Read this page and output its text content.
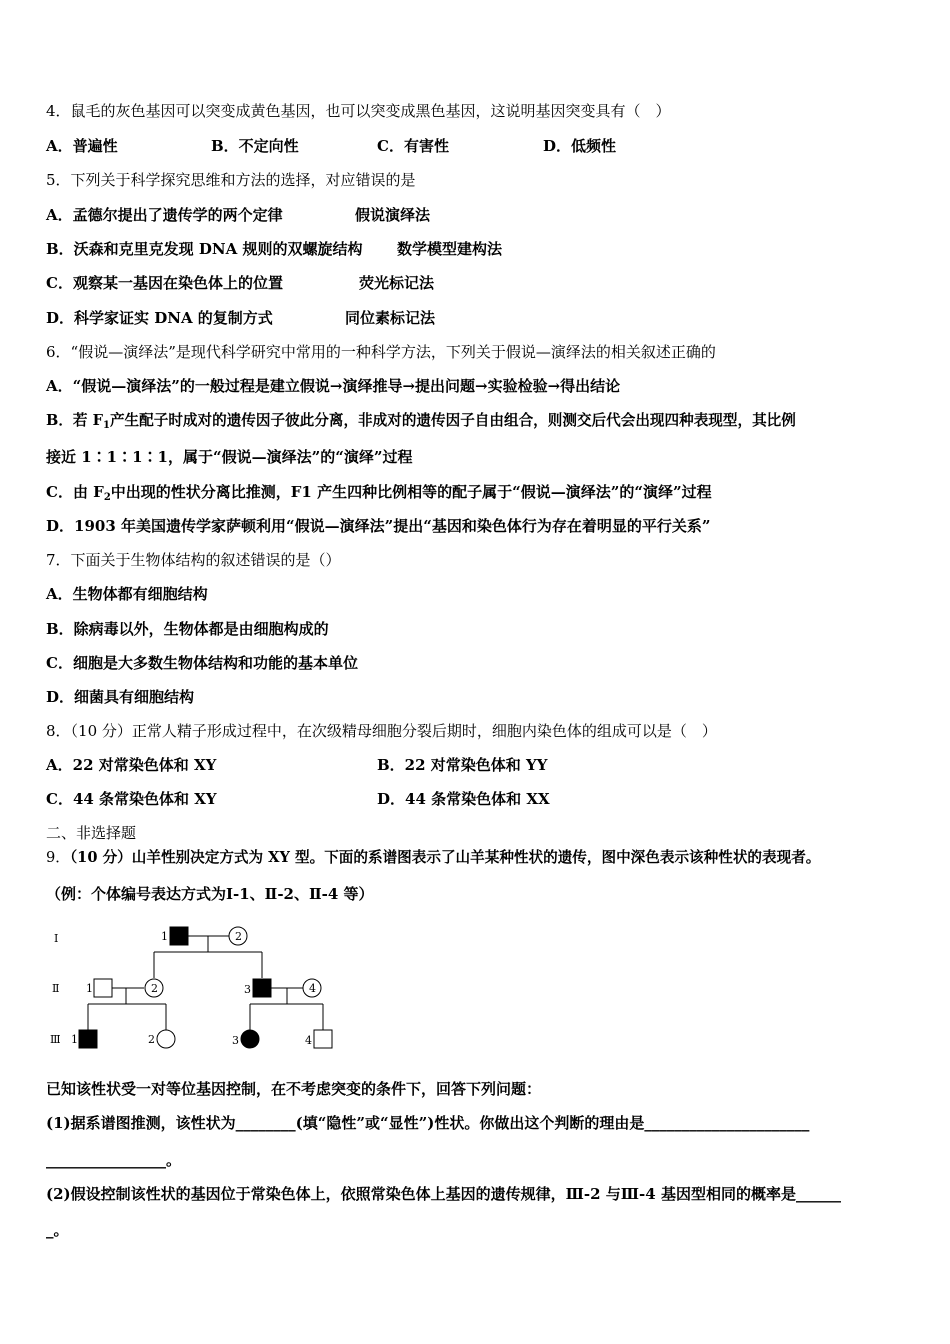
4．鼠毛的灰色基因可以突变成黄色基因，也可以突变成黑色基因，这说明基因突变具有（　）
A．普遍性	B．不定向性	C．有害性	D．低频性
5．下列关于科学探究思维和方法的选择，对应错误的是
A．孟德尔提出了遗传学的两个定律	假说演绎法
B．沃森和克里克发现 DNA 规则的双螺旋结构 数学模型建构法
C．观察某一基因在染色体上的位置	荧光标记法
D．科学家证实 DNA 的复制方式	同位素标记法
6．“假说—演绎法”是现代科学研究中常用的一种科学方法，下列关于假说—演绎法的相关叙述正确的
A．“假说—演绎法”的一般过程是建立假说→演绎推导→提出问题→实验检验→得出结论
B．若 $F_1$产生配子时成对的遗传因子彼此分离，非成对的遗传因子自由组合，则测交后代会出现四种表现型，其比例
接近 1∶1∶1∶1，属于“假说—演绎法”的“演绎”过程
C．由 $F_2$中出现的性状分离比推测，F1 产生四种比例相等的配子属于“假说—演绎法”的“演绎”过程
D．1903 年美国遗传学家萨顿利用“假说—演绎法”提出“基因和染色体行为存在着明显的平行关系”
7．下面关于生物体结构的叙述错误的是（）
A．生物体都有细胞结构
B．除病毒以外，生物体都是由细胞构成的
C．细胞是大多数生物体结构和功能的基本单位
D．细菌具有细胞结构
8．（10 分）正常人精子形成过程中，在次级精母细胞分裂后期时，细胞内染色体的组成可以是（　）
A．22 对常染色体和 XY	B．22 对常染色体和 YY
C．44 条常染色体和 XY	D．44 条常染色体和 XX
二、非选择题
9．（10 分）山羊性别决定方式为 XY 型。下面的系谱图表示了山羊某种性状的遗传，图中深色表示该种性状的表现者。
（例：个体编号表达方式为Ⅰ-1、Ⅱ-2、Ⅱ-4 等）
Ⅰ
Ⅱ
Ⅲ
1	2
1	2	3	4
1	2	3	4
已知该性状受一对等位基因控制，在不考虑突变的条件下，回答下列问题：
(1)据系谱图推测，该性状为________(填“隐性”或“显性”)性状。你做出这个判断的理由是______________________
________________。
(2)假设控制该性状的基因位于常染色体上，依照常染色体上基因的遗传规律，Ⅲ-2 与Ⅲ-4 基因型相同的概率是______
_。
